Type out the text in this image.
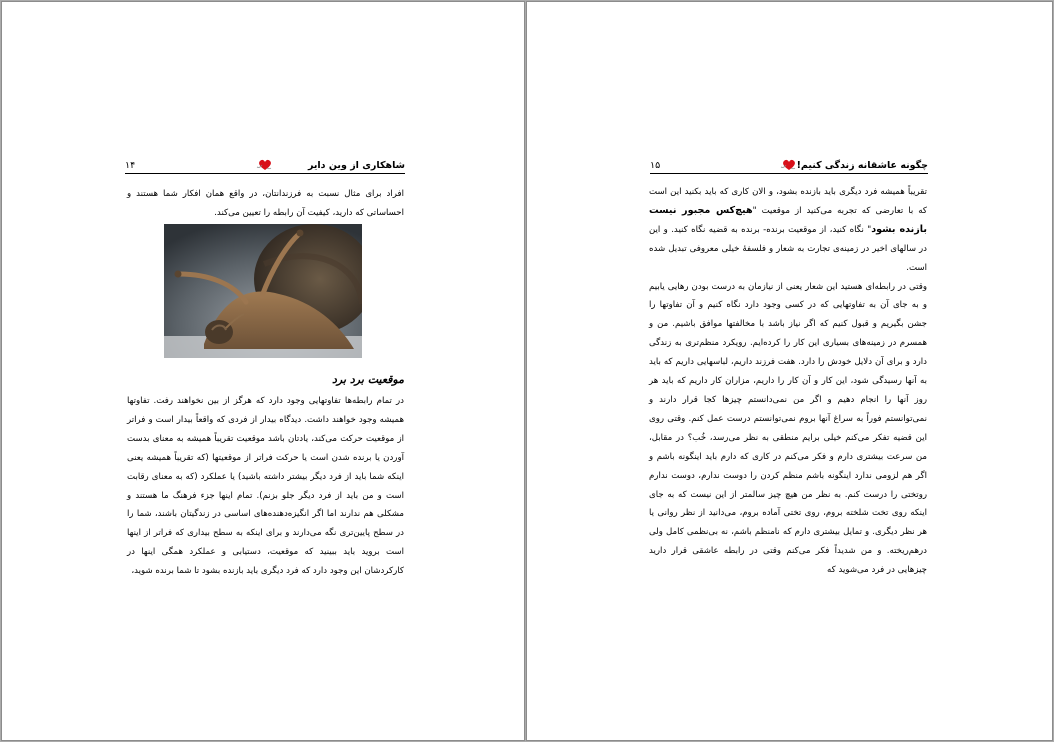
شاهکاری از وین دایر
۱۴

افراد برای مثال نسبت به فرزندانتان، در واقع همان افکار شما هستند و احساساتی که دارید، کیفیت آن رابطه را تعیین می‌کند.

موقعیت برد برد

در تمام رابطه‌ها تفاوتهایی وجود دارد که هرگز از بین نخواهند رفت. تفاوتها همیشه وجود خواهند داشت. دیدگاه بیدار از فردی که واقعاً بیدار است و فراتر از موقعیت حرکت می‌کند، یادتان باشد موقعیت تقریباً همیشه به معنای بدست آوردن یا برنده شدن است یا حرکت فراتر از موقعیتها (که تقریباً همیشه یعنی اینکه شما باید از فرد دیگر بیشتر داشته باشید) یا عملکرد (که به معنای رقابت است و من باید از فرد دیگر جلو بزنم). تمام اینها جزء فرهنگ ما هستند و مشکلی هم ندارند اما اگر انگیزه‌دهنده‌های اساسی در زندگیتان باشند، شما را در سطح پایین‌تری نگه می‌دارند و برای اینکه به سطح بیداری که فراتر از اینها است بروید باید ببینید که موقعیت، دستیابی و عملکرد همگی اینها در کارکردشان این وجود دارد که فرد دیگری باید بازنده بشود تا شما برنده شوید،

چگونه عاشقانه زندگی کنیم!
۱۵

تقریباً همیشه فرد دیگری باید بازنده بشود، و الان کاری که باید بکنید این است که با تعارضی که تجربه می‌کنید از موقعیت "هیچ‌کس مجبور نیست بازنده بشود" نگاه کنید، از موقعیت برنده- برنده به قضیه نگاه کنید. و این در سالهای اخیر در زمینه‌ی تجارت به شعار و فلسفهٔ خیلی معروفی تبدیل شده است.

وقتی در رابطه‌ای هستید این شعار یعنی از نیازمان به درست بودن رهایی یابیم و به جای آن به تفاوتهایی که در کسی وجود دارد نگاه کنیم و آن تفاوتها را جشن بگیریم و قبول کنیم که اگر نیاز باشد با مخالفتها موافق باشیم. من و همسرم در زمینه‌های بسیاری این کار را کرده‌ایم. رویکرد منظم‌تری به زندگی دارد و برای آن دلایل خودش را دارد. هفت فرزند داریم، لباسهایی داریم که باید به آنها رسیدگی شود، این کار و آن کار را داریم، مزاران کار داریم که باید هر روز آنها را انجام دهیم و اگر من نمی‌دانستم چیزها کجا قرار دارند و نمی‌توانستم فوراً به سراغ آنها بروم نمی‌توانستم درست عمل کنم. وقتی روی این قضیه تفکر می‌کنم خیلی برایم منطقی به نظر می‌رسد، خُب؟ در مقابل، من سرعت بیشتری دارم و فکر می‌کنم در کاری که دارم باید اینگونه باشم و اگر هم لزومی ندارد اینگونه باشم منظم کردن را دوست ندارم، دوست ندارم روتختی را درست کنم. به نظر من هیچ چیز سالمتر از این نیست که به جای اینکه روی تخت شلخته بروم، روی تختی آماده بروم، می‌دانید از نظر روانی یا هر نظر دیگری. و تمایل بیشتری دارم که نامنظم باشم، نه بی‌نظمی کامل ولی درهم‌ریخته. و من شدیداً فکر می‌کنم وقتی در رابطه عاشقی قرار دارید چیزهایی در فرد می‌شوید که
